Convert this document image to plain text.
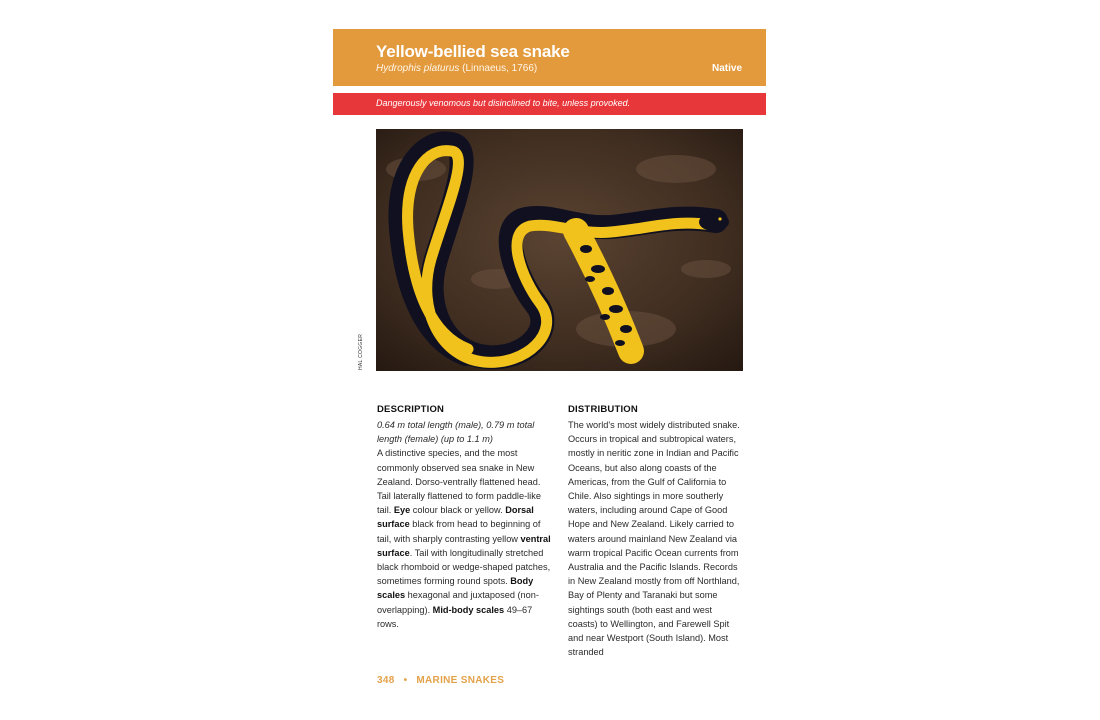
Yellow-bellied sea snake
Hydrophis platurus (Linnaeus, 1766)	Native
Dangerously venomous but disinclined to bite, unless provoked.
HAL COGGER
DESCRIPTION

0.64 m total length (male), 0.79 m total length (female) (up to 1.1 m)

A distinctive species, and the most commonly observed sea snake in New Zealand. Dorso-ventrally flattened head. Tail laterally flattened to form paddle-like tail. Eye colour black or yellow. Dorsal surface black from head to beginning of tail, with sharply contrasting yellow ventral surface. Tail with longitudinally stretched black rhomboid or wedge-shaped patches, sometimes forming round spots. Body scales hexagonal and juxtaposed (non-overlapping). Mid-body scales 49–67 rows.

DISTRIBUTION

The world's most widely distributed snake. Occurs in tropical and subtropical waters, mostly in neritic zone in Indian and Pacific Oceans, but also along coasts of the Americas, from the Gulf of California to Chile. Also sightings in more southerly waters, including around Cape of Good Hope and New Zealand. Likely carried to waters around mainland New Zealand via warm tropical Pacific Ocean currents from Australia and the Pacific Islands. Records in New Zealand mostly from off Northland, Bay of Plenty and Taranaki but some sightings south (both east and west coasts) to Wellington, and Farewell Spit and near Westport (South Island). Most stranded

348 • MARINE SNAKES
